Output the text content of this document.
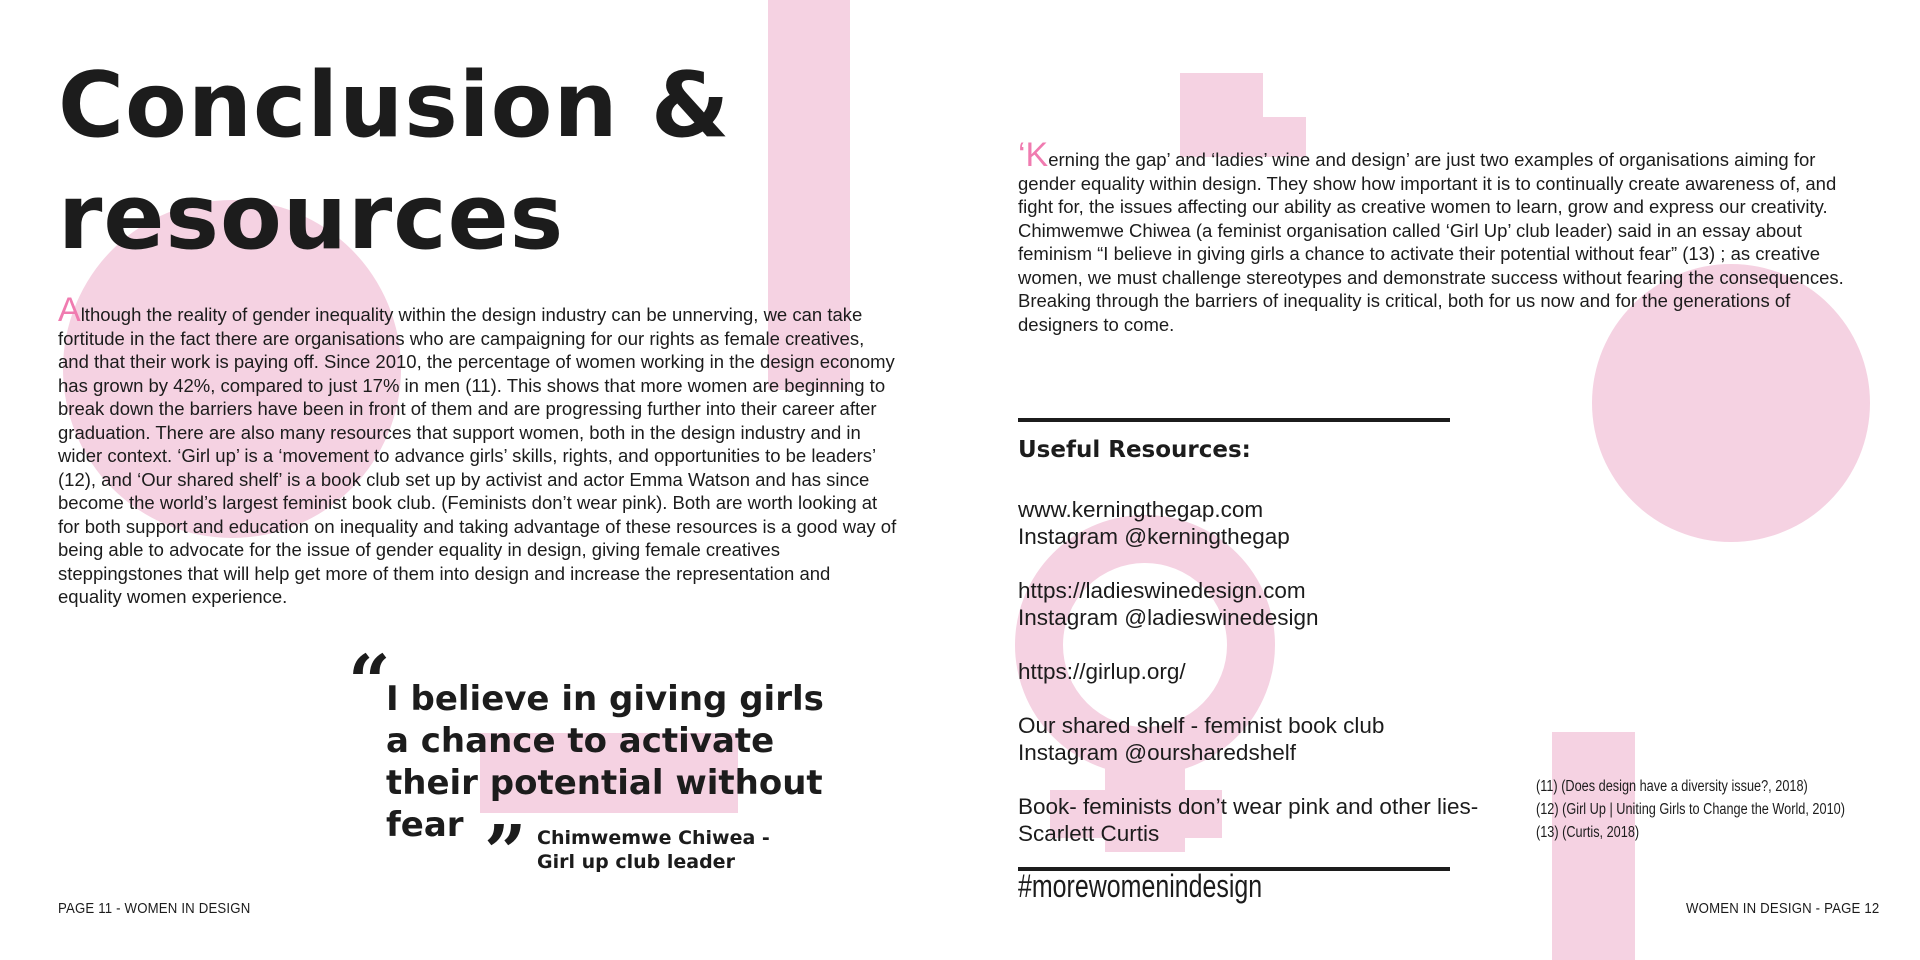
Conclusion & resources

Although the reality of gender inequality within the design industry can be unnerving, we can take fortitude in the fact there are organisations who are campaigning for our rights as female creatives, and that their work is paying off. Since 2010, the percentage of women working in the design economy has grown by 42%, compared to just 17% in men (11). This shows that more women are beginning to break down the barriers have been in front of them and are progressing further into their career after graduation. There are also many resources that support women, both in the design industry and in wider context. ‘Girl up’ is a ‘movement to advance girls’ skills, rights, and opportunities to be leaders’ (12), and ‘Our shared shelf’ is a book club set up by activist and actor Emma Watson and has since become the world’s largest feminist book club. (Feminists don’t wear pink). Both are worth looking at for both support and education on inequality and taking advantage of these resources is a good way of being able to advocate for the issue of gender equality in design, giving female creatives steppingstones that will help get more of them into design and increase the representation and equality women experience.

“

I believe in giving girls a chance to activate their potential without fear ” Chimwemwe Chiwea -
Girl up club leader

PAGE 11 - WOMEN IN DESIGN

‘Kerning the gap’ and ‘ladies’ wine and design’ are just two examples of organisations aiming for gender equality within design. They show how important it is to continually create awareness of, and fight for, the issues affecting our ability as creative women to learn, grow and express our creativity. Chimwemwe Chiwea (a feminist organisation called ‘Girl Up’ club leader) said in an essay about feminism “I believe in giving girls a chance to activate their potential without fear” (13) ; as creative women, we must challenge stereotypes and demonstrate success without fearing the consequences. Breaking through the barriers of inequality is critical, both for us now and for the generations of designers to come.

Useful Resources:

www.kerningthegap.com

Instagram @kerningthegap

https://ladieswinedesign.com

Instagram @ladieswinedesign

https://girlup.org/

Our shared shelf - feminist book club

Instagram @oursharedshelf

Book- feminists don’t wear pink and other lies-

Scarlett Curtis

#morewomenindesign

(11) (Does design have a diversity issue?, 2018)
(12) (Girl Up | Uniting Girls to Change the World, 2010)
(13) (Curtis, 2018)
WOMEN IN DESIGN - PAGE 12
